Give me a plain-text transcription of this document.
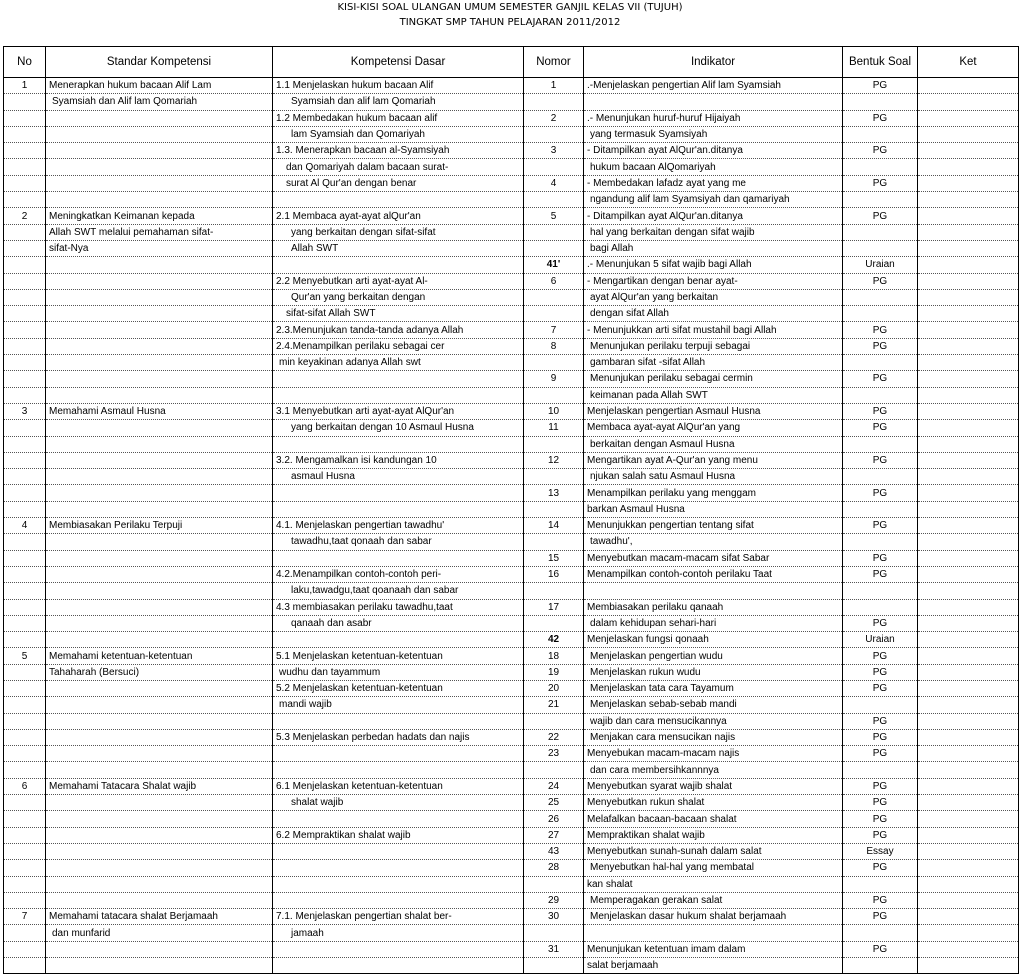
KISI-KISI SOAL ULANGAN UMUM SEMESTER GANJIL KELAS VII (TUJUH)
TINGKAT SMP TAHUN PELAJARAN 2011/2012
No	Standar Kompetensi	Kompetensi Dasar	Nomor	Indikator	Bentuk Soal	Ket
1	Menerapkan hukum bacaan Alif Lam	1.1 Menjelaskan hukum bacaan Alif	1	.-Menjelaskan pengertian Alif lam Syamsiah	PG	
	Syamsiah dan Alif lam Qomariah	Syamsiah dan alif lam Qomariah				
		1.2 Membedakan hukum bacaan alif	2	.- Menunjukan huruf-huruf Hijaiyah	PG	
		lam Syamsiah dan Qomariyah		yang termasuk Syamsiyah		
		1.3. Menerapkan bacaan al-Syamsiyah	3	- Ditampilkan ayat AlQur'an.ditanya	PG	
		dan Qomariyah dalam bacaan surat-		hukum bacaan AlQomariyah		
		surat Al Qur'an dengan benar	4	- Membedakan lafadz ayat yang me	PG	
				ngandung alif lam Syamsiyah dan qamariyah		
2	Meningkatkan Keimanan kepada	2.1 Membaca ayat-ayat alQur'an	5	- Ditampilkan ayat AlQur'an.ditanya	PG	
	Allah SWT melalui pemahaman sifat-	yang berkaitan dengan sifat-sifat		hal yang berkaitan dengan sifat wajib		
	sifat-Nya	Allah SWT		bagi Allah		
			41'	.- Menunjukan 5 sifat wajib bagi Allah	Uraian	
		2.2 Menyebutkan arti ayat-ayat Al-	6	- Mengartikan dengan benar ayat-	PG	
		Qur'an yang berkaitan dengan		ayat AlQur'an yang berkaitan		
		sifat-sifat Allah SWT		dengan sifat Allah		
		2.3.Menunjukan tanda-tanda adanya Allah	7	- Menunjukkan arti sifat mustahil bagi Allah	PG	
		2.4.Menampilkan perilaku sebagai cer	8	Menunjukan perilaku terpuji sebagai	PG	
		min keyakinan adanya Allah swt		gambaran sifat -sifat Allah		
			9	Menunjukan perilaku sebagai cermin	PG	
				keimanan pada Allah SWT		
3	Memahami Asmaul Husna	3.1 Menyebutkan arti ayat-ayat AlQur'an	10	Menjelaskan pengertian Asmaul Husna	PG	
		yang berkaitan dengan 10 Asmaul Husna	11	Membaca ayat-ayat AlQur'an yang	PG	
				berkaitan dengan Asmaul Husna		
		3.2. Mengamalkan isi kandungan 10	12	Mengartikan ayat A-Qur'an yang menu	PG	
		asmaul Husna		njukan salah satu Asmaul Husna		
			13	Menampilkan perilaku yang menggam	PG	
				barkan Asmaul Husna		
4	Membiasakan Perilaku Terpuji	4.1. Menjelaskan pengertian tawadhu'	14	Menunjukkan pengertian tentang sifat	PG	
		tawadhu,taat qonaah dan sabar		tawadhu',		
			15	Menyebutkan macam-macam sifat Sabar	PG	
		4.2.Menampilkan contoh-contoh peri-	16	Menampilkan contoh-contoh perilaku Taat	PG	
		laku,tawadgu,taat qoanaah dan sabar				
		4.3 membiasakan perilaku tawadhu,taat	17	Membiasakan perilaku qanaah		
		qanaah dan asabr		dalam kehidupan sehari-hari	PG	
			42	Menjelaskan fungsi qonaah	Uraian	
5	Memahami ketentuan-ketentuan	5.1 Menjelaskan ketentuan-ketentuan	18	Menjelaskan pengertian wudu	PG	
	Tahaharah (Bersuci)	wudhu dan tayammum	19	Menjelaskan rukun wudu	PG	
		5.2 Menjelaskan ketentuan-ketentuan	20	Menjelaskan tata cara Tayamum	PG	
		mandi wajib	21	Menjelaskan sebab-sebab mandi		
				wajib dan cara mensucikannya	PG	
		5.3 Menjelaskan perbedan hadats dan najis	22	Menjakan cara mensucikan najis	PG	
			23	Menyebukan macam-macam najis	PG	
				dan cara membersihkannnya		
6	Memahami Tatacara Shalat wajib	6.1 Menjelaskan ketentuan-ketentuan	24	Menyebutkan syarat wajib shalat	PG	
		shalat wajib	25	Menyebutkan rukun shalat	PG	
			26	Melafalkan bacaan-bacaan shalat	PG	
		6.2 Mempraktikan shalat wajib	27	Mempraktikan shalat wajib	PG	
			43	Menyebutkan sunah-sunah dalam salat	Essay	
			28	Menyebutkan hal-hal yang membatal	PG	
				kan shalat		
			29	Memperagakan gerakan salat	PG	
7	Memahami tatacara shalat Berjamaah	7.1. Menjelaskan pengertian shalat ber-	30	Menjelaskan dasar hukum shalat berjamaah	PG	
	dan munfarid	jamaah				
			31	Menunjukan ketentuan imam dalam	PG	
				salat berjamaah		
